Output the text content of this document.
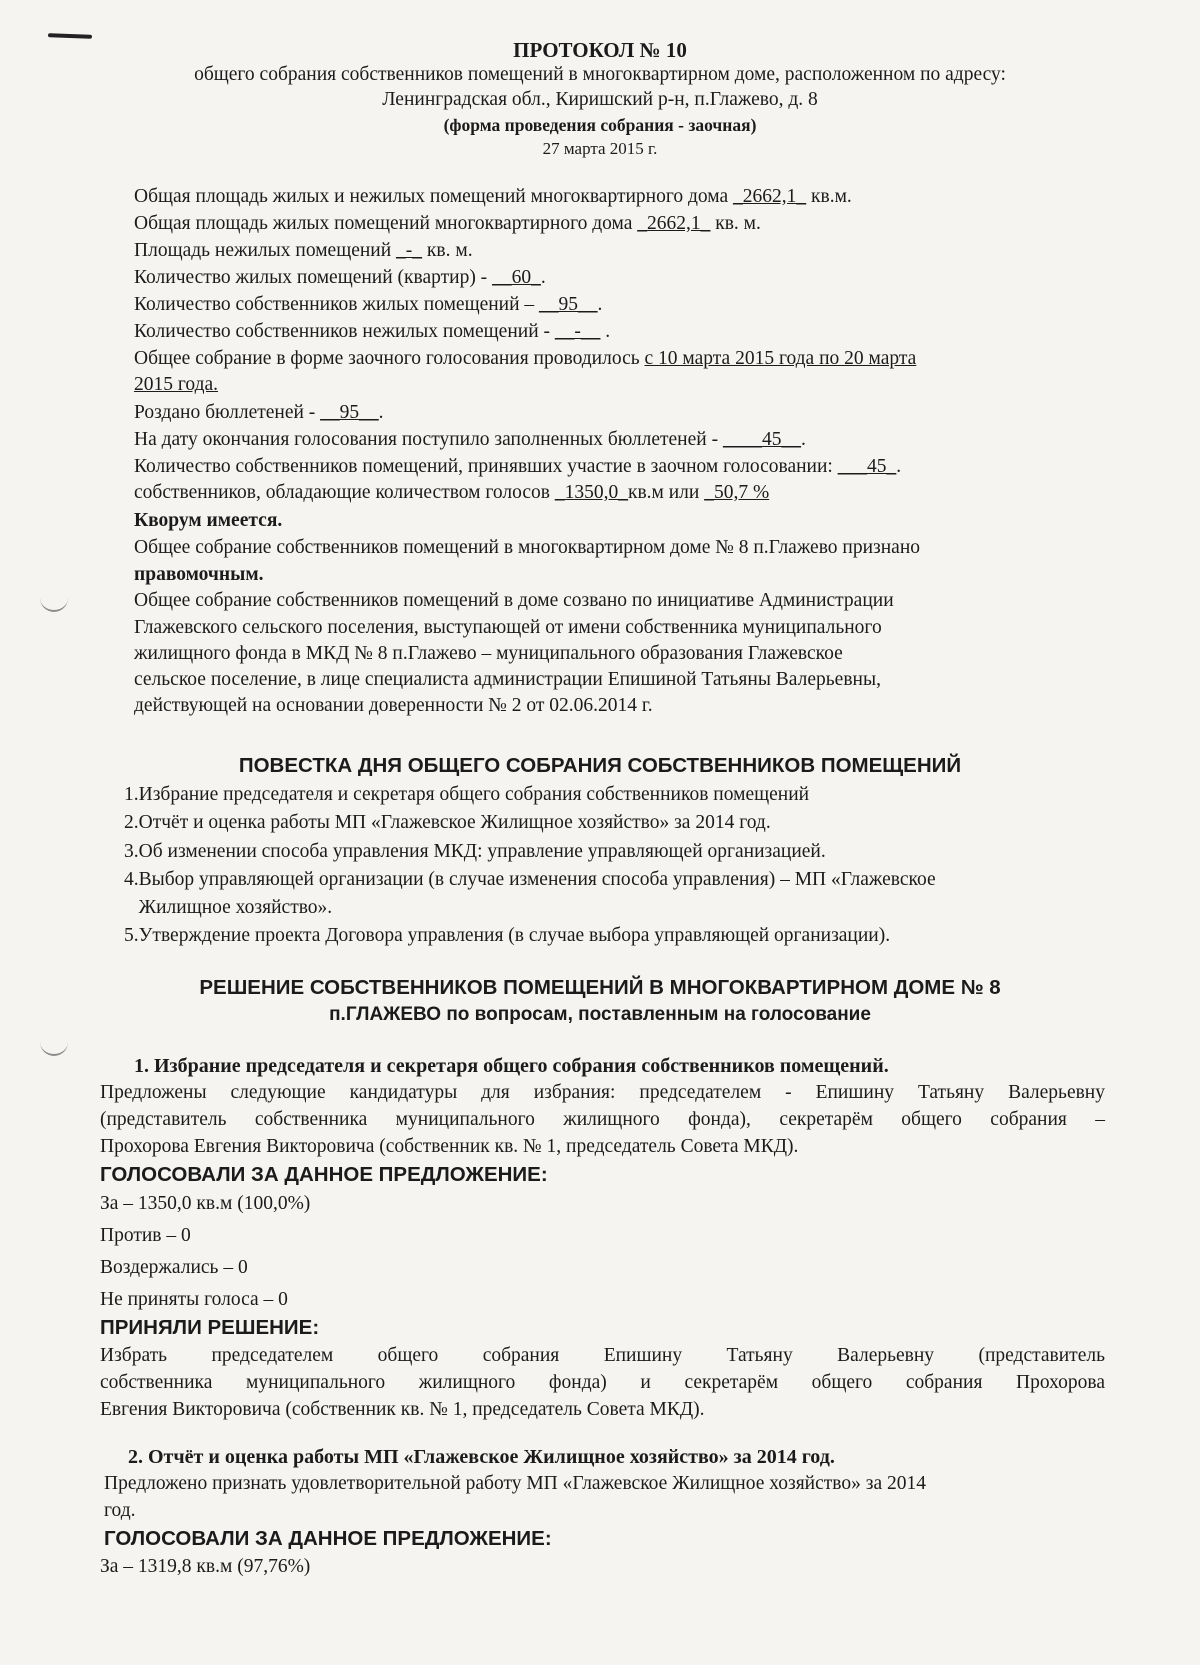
ПРОТОКОЛ № 10
общего собрания собственников помещений в многоквартирном доме, расположенном по адресу:
Ленинградская обл., Киришский р-н, п.Глажево, д. 8
(форма проведения собрания - заочная)
27 марта 2015 г.
Общая площадь жилых и нежилых помещений многоквартирного дома _2662,1_ кв.м.
Общая площадь жилых помещений многоквартирного дома _2662,1_ кв. м.
Площадь нежилых помещений _-_ кв. м.
Количество жилых помещений (квартир) - __60_.
Количество собственников жилых помещений – __95__.
Количество собственников нежилых помещений - __-__ .
Общее собрание в форме заочного голосования проводилось с 10 марта 2015 года по 20 марта
2015 года.
Роздано бюллетеней - __95__.
На дату окончания голосования поступило заполненных бюллетеней - ____45__.
Количество собственников помещений, принявших участие в заочном голосовании: ___45_.
собственников, обладающие количеством голосов _1350,0_кв.м или _50,7 %
Кворум имеется.
Общее собрание собственников помещений в многоквартирном доме № 8 п.Глажево признано
правомочным.
Общее собрание собственников помещений в доме созвано по инициативе Администрации
Глажевского сельского поселения, выступающей от имени собственника муниципального
жилищного фонда в МКД № 8 п.Глажево – муниципального образования Глажевское
сельское поселение, в лице специалиста администрации Епишиной Татьяны Валерьевны,
действующей на основании доверенности № 2 от 02.06.2014 г.
ПОВЕСТКА ДНЯ ОБЩЕГО СОБРАНИЯ СОБСТВЕННИКОВ ПОМЕЩЕНИЙ
1.Избрание председателя и секретаря общего собрания собственников помещений
2.Отчёт и оценка работы МП «Глажевское Жилищное хозяйство» за 2014 год.
3.Об изменении способа управления МКД: управление управляющей организацией.
4.Выбор управляющей организации (в случае изменения способа управления) – МП «Глажевское
Жилищное хозяйство».
5.Утверждение проекта Договора управления (в случае выбора управляющей организации).
РЕШЕНИЕ СОБСТВЕННИКОВ ПОМЕЩЕНИЙ В МНОГОКВАРТИРНОМ ДОМЕ № 8
п.ГЛАЖЕВО по вопросам, поставленным на голосование
1. Избрание председателя и секретаря общего собрания собственников помещений.
Предложены следующие кандидатуры для избрания: председателем - Епишину Татьяну Валерьевну
(представитель собственника муниципального жилищного фонда), секретарём общего собрания –
Прохорова Евгения Викторовича (собственник кв. № 1, председатель Совета МКД).
ГОЛОСОВАЛИ ЗА ДАННОЕ ПРЕДЛОЖЕНИЕ:
За – 1350,0 кв.м (100,0%)
Против – 0
Воздержались – 0
Не приняты голоса – 0
ПРИНЯЛИ РЕШЕНИЕ:
Избрать председателем общего собрания Епишину Татьяну Валерьевну (представитель
собственника муниципального жилищного фонда) и секретарём общего собрания Прохорова
Евгения Викторовича (собственник кв. № 1, председатель Совета МКД).
2. Отчёт и оценка работы МП «Глажевское Жилищное хозяйство» за 2014 год.
Предложено признать удовлетворительной работу МП «Глажевское Жилищное хозяйство» за 2014
год.
ГОЛОСОВАЛИ ЗА ДАННОЕ ПРЕДЛОЖЕНИЕ:
За – 1319,8 кв.м (97,76%)
